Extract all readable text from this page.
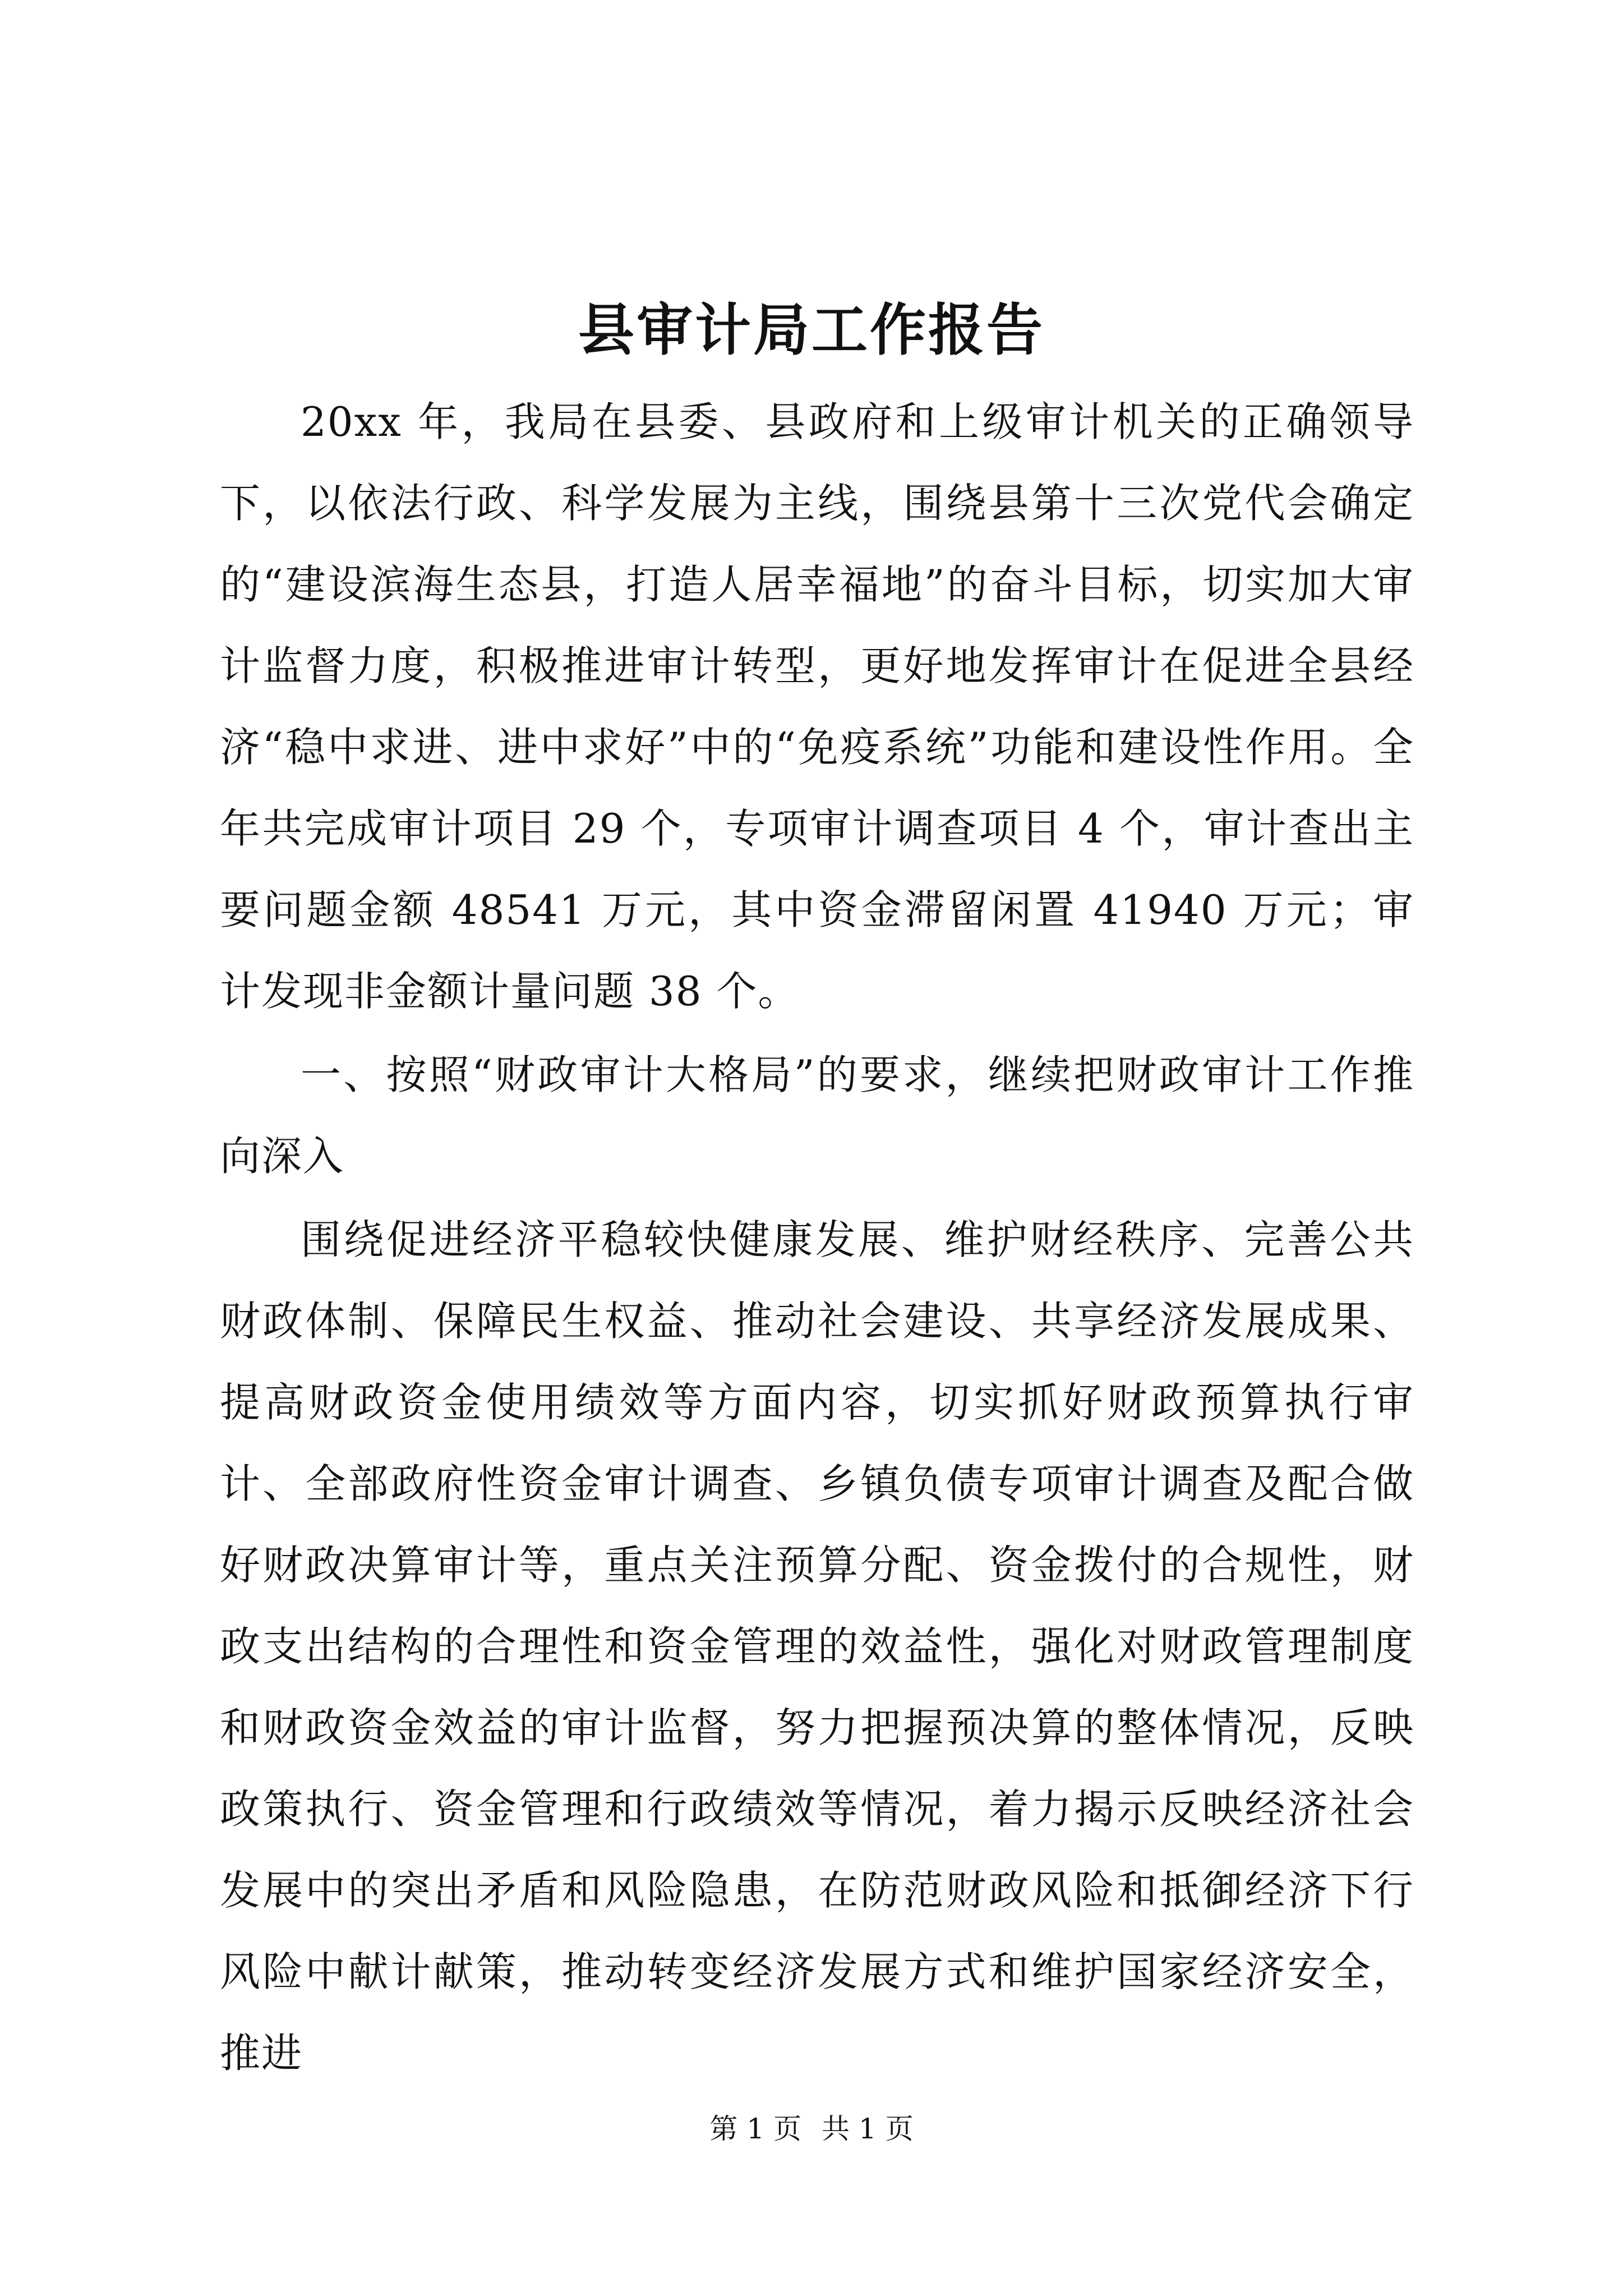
县审计局工作报告

20xx 年，我局在县委、县政府和上级审计机关的正确领导下，以依法行政、科学发展为主线，围绕县第十三次党代会确定的“建设滨海生态县，打造人居幸福地”的奋斗目标，切实加大审计监督力度，积极推进审计转型，更好地发挥审计在促进全县经济“稳中求进、进中求好”中的“免疫系统”功能和建设性作用。全年共完成审计项目 29 个，专项审计调查项目 4 个，审计查出主要问题金额 48541 万元，其中资金滞留闲置 41940 万元；审计发现非金额计量问题 38 个。

一、按照“财政审计大格局”的要求，继续把财政审计工作推向深入

围绕促进经济平稳较快健康发展、维护财经秩序、完善公共财政体制、保障民生权益、推动社会建设、共享经济发展成果、提高财政资金使用绩效等方面内容，切实抓好财政预算执行审计、全部政府性资金审计调查、乡镇负债专项审计调查及配合做好财政决算审计等，重点关注预算分配、资金拨付的合规性，财政支出结构的合理性和资金管理的效益性，强化对财政管理制度和财政资金效益的审计监督，努力把握预决算的整体情况，反映政策执行、资金管理和行政绩效等情况，着力揭示反映经济社会发展中的突出矛盾和风险隐患，在防范财政风险和抵御经济下行风险中献计献策，推动转变经济发展方式和维护国家经济安全，推进

第 1 页 共 1 页
